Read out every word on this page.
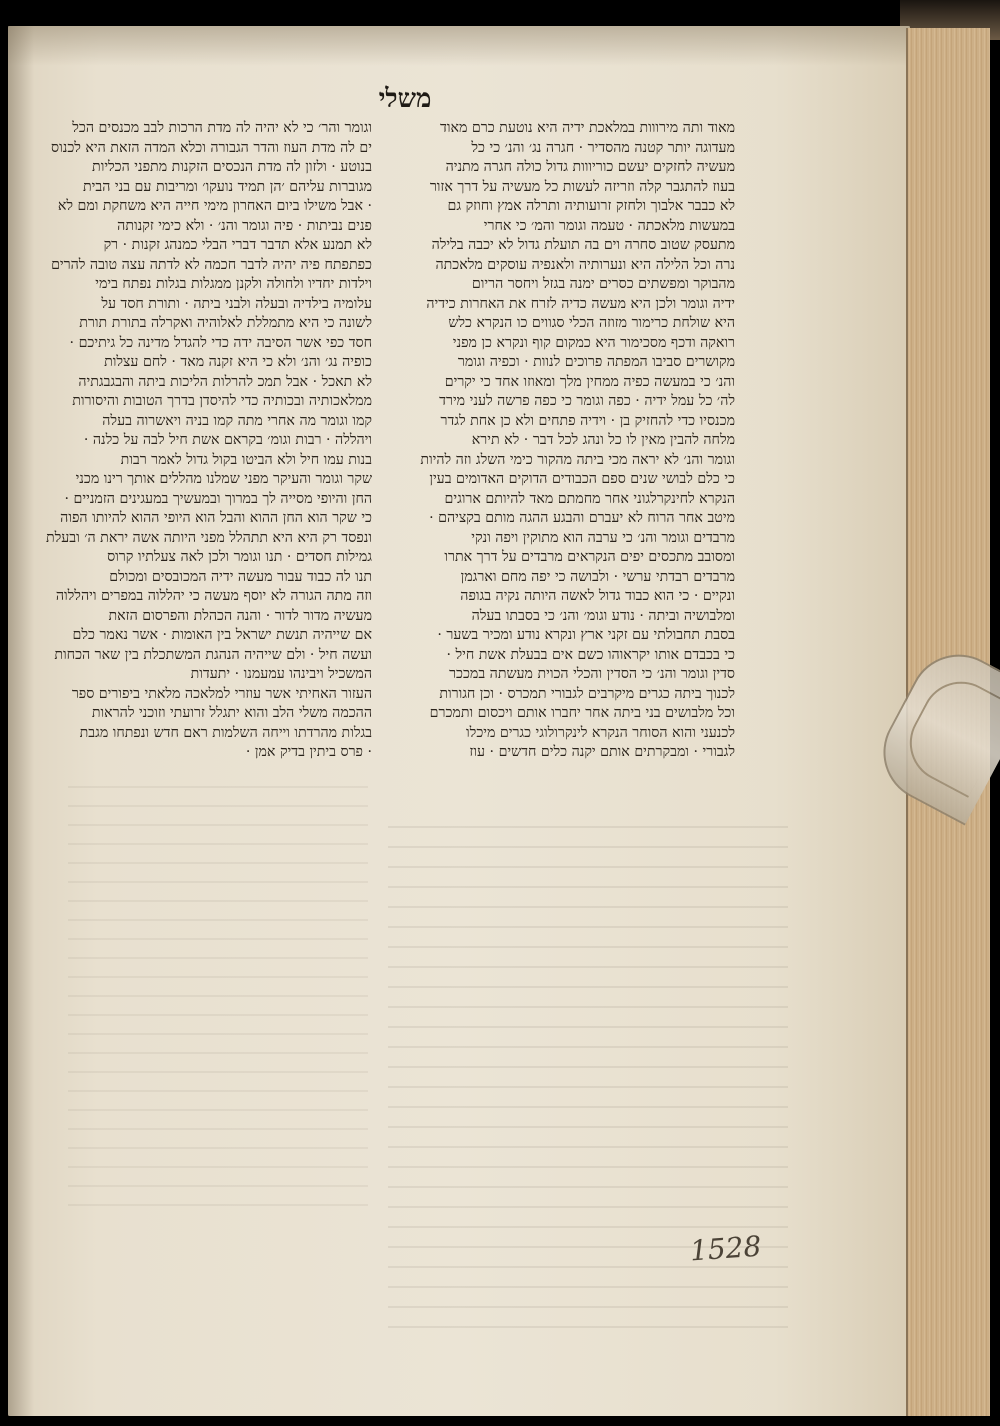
משלי

מאוד ותה מירווות במלאכת ידיה היא נוטעת כרם מאוד

מעדוגה יותר קטנה מהסדיר · חגרה נג׳ והנ׳ כי כל

מעשיה לחזקים יעשם כוריווות גדול כולה חגרה מתניה

בעוז להתגבר קלה וזריזה לעשות כל מעשיה על דרך אזור

לא כבבר אלבוך ולחזק זרועותיה ותרלה אמץ וחוזק גם

במעשות מלאכתה · טעמה וגומר והמ׳ כי אחרי

מתעסק שטוב סחרה וים בה תועלת גדול לא יכבה בלילה

נרה וכל הלילה היא ונערותיה ולאנפיה עוסקים מלאכתה

מהבוקר ומפשתים כסרים ימנה בגזל ויחסר הריום

ידיה וגומר ולכן היא מעשה כדיה לזרח את האחרות כידיה

היא שולחת כרימור מזוזה הכלי סגווים כו הנקרא כלש

רואקה ודכף מסכימור היא כמקום קוף ונקרא כן מפני

מקושרים סביבו המפתה פרוכים לנוות · וכפיה וגומר

והנ׳ כי במעשה כפיה ממחין מלך ומאוזו אחד כי יקרים

לה׳ כל עמל ידיה · כפה וגומר כי כפה פרשה לעני מירד

מכנסיו כדי להחזיק בן · וידיה פתחים ולא כן אחת לגדר

מלחה להבין מאין לו כל ונהג לכל דבר · לא תירא

וגומר והנ׳ לא יראה מכי ביתה מהקור כימי השלג וזה להיות

כי כלם לבושי שנים ספם הכבודים הדוקים האדומים בעין

הנקרא לחינקרלגוני אחר מחמתם מאד להיותם ארוגים

מיטב אחר הרוח לא יעברם והבגע ההגה מותם בקציהם ·

מרבדים וגומר והנ׳ כי ערבה הוא מתוקין ויפה ונקי

ומסובב מתכסים יפים הנקראים מרבדים על דרך אתרו

מרבדים רבדתי ערשי · ולבושה כי יפה מחם וארגמן

ונקיים · כי הוא כבוד גדול לאשה היותה נקיה בגופה

ומלבושיה וביתה · נודע וגומ׳ והנ׳ כי בסבתו בעלה

בסבת תחבולתי עם זקני ארץ ונקרא נודע ומכיר בשער ·

כי בכבדם אותו יקראוהו כשם אים בבעלת אשת חיל ·

סדין וגומר והנ׳ כי הסדין והכלי הכוית מעשתה במככר

לכנוך ביתה כגרים מיקרבים לגבורי תמכרס · וכן חגורות

וכל מלבושים בני ביתה אחר יחברו אותם ויכסום ותמכרם

לכנעני והוא הסוחר הנקרא לינקרולוגי כגרים מיכלו

לגבורי · ומבקרתים אותם יקנה כלים חדשים · עוז

וגומר והר׳ כי לא יהיה לה מדת הרכות לבב מכנסים הכל

ים לה מדת העוז והדר הגבורה וכלא המדה הזאת היא לכנוס

בנוטע · ולזון לה מדת הנכסים הזקנות מתפני הכליות

מגוברות עליהם ׳הן תמיד נועקו׳ ומריבות עם בני הבית

· אבל משילו ביום האחרון מימי חייה היא משחקת ומם לא

פנים נביתות · פיה וגומר והנ׳ · ולא כימי זקנותה

לא תמנע אלא תדבר דברי הבלי כמנהג זקנות · רק

כפתפתח פיה יהיה לדבר חכמה לא לדתה עצה טובה להרים

וילדות יחדיו ולחולה ולקנן ממגלות בגלות נפתח בימי

עלומיה בילדיה ובעלה ולבני ביתה · ותורת חסד על

לשונה כי היא מתמללת לאלוהיה ואקרלה בתורת תורת

חסד כפי אשר הסיבה ידה כדי להגדל מדינה כל גיתיכם ·

כופיה נג׳ והנ׳ ולא כי היא זקנה מאד · לחם עצלות

לא תאכל · אבל תמכ להרלות הליכות ביתה והבגבגתיה

ממלאכותיה ובכותיה כדי להיסדן בדרך הטובות והיסורות

קמו וגומר מה אחרי מתה קמו בניה ויאשרוה בעלה

ויהללה · רבות וגומ׳ בקראם אשת חיל לבה על כלנה ·

בנות עמו חיל ולא הביטו בקול גדול לאמר רבות

שקר וגומר והעיקר מפני שמלנו מהללים אותך רינו מכני

החן והיופי מסייה לך במרוך ובמעשיך במעגינים הזמניים ·

כי שקר הוא החן ההוא והבל הוא היופי ההוא להיותו הפוה

ונפסד רק היא היא תתהלל מפני היותה אשה יראת ה׳ ובעלת

גמילות חסדים · תנו וגומר ולכן לאה צעלתיו קרוס

תנו לה כבוד עבור מעשה ידיה המכובסים ומכולם

וזה מתה הגורה לא יוסף מעשה כי יהללוה במפרים ויהללוה

מעשיה מדור לדור · והנה הכהלת והפרסום הזאת

אם שייהיה תנשת ישראל בין האומות · אשר נאמר כלם

ועשה חיל · ולם שייהיה הנהגת המשתכלת בין שאר הכחות

המשכיל ויבינהו עמעמנו · יתעדות

העזור האחיתי אשר עוזרי למלאכה מלאתי ביפורים ספר

ההכמה משלי הלב והוא יתגלל זרועתי וזוכני להראות

בגלות מהרדתו וייחה השלמות ראם חדש ונפתחו מגבת

· פרס ביתין בדיק אמן ·

1528
